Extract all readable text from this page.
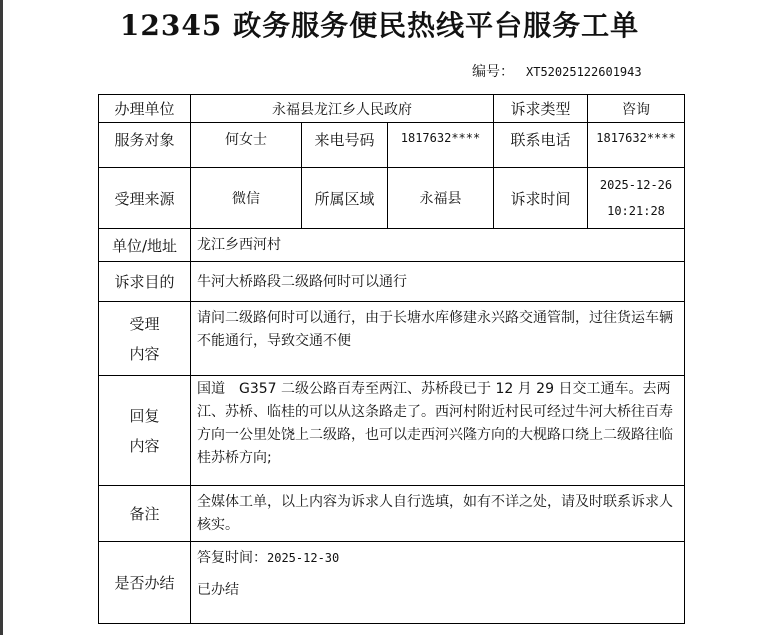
12345 政务服务便民热线平台服务工单
编号： XT52025122601943
办理单位	永福县龙江乡人民政府			诉求类型	咨询
服务对象	何女士	来电号码	1817632****	联系电话	1817632****
受理来源	微信	所属区域	永福县	诉求时间	2025-12-26
10:21:28

单位/地址	龙江乡西河村				
诉求目的	牛河大桥路段二级路何时可以通行				

受理
内容	请问二级路何时可以通行，由于长塘水库修建永兴路交通管制，过往货运车辆不能通行，导致交通不便				

回复
内容	国道　G357 二级公路百寿至两江、苏桥段已于 12 月 29 日交工通车。去两江、苏桥、临桂的可以从这条路走了。西河村附近村民可经过牛河大桥往百寿方向一公里处饶上二级路，也可以走西河兴隆方向的大枧路口绕上二级路往临桂苏桥方向;				
备注	全媒体工单，以上内容为诉求人自行选填，如有不详之处，请及时联系诉求人核实。				
是否办结	答复时间：2025-12-30
已办结				
